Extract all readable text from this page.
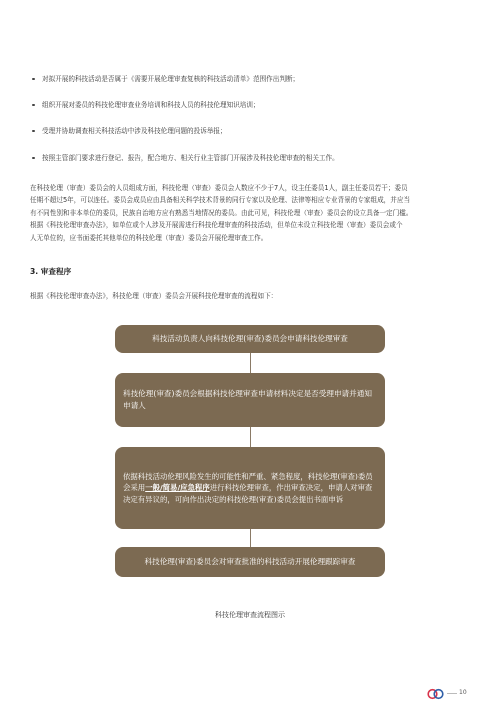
对拟开展的科技活动是否属于《需要开展伦理审查复核的科技活动清单》范围作出判断；
组织开展对委员的科技伦理审查业务培训和科技人员的科技伦理知识培训；
受理并协助调查相关科技活动中涉及科技伦理问题的投诉举报；
按照主管部门要求进行登记、报告，配合地方、相关行业主管部门开展涉及科技伦理审查的相关工作。
在科技伦理（审查）委员会的人员组成方面，科技伦理（审查）委员会人数应不少于7人，设主任委员1人，副主任委员若干；委员
任期不超过5年，可以连任。委员会成员应由具备相关科学技术背景的同行专家以及伦理、法律等相应专业背景的专家组成，并应当
有不同性别和非本单位的委员，民族自治地方应有熟悉当地情况的委员。由此可见，科技伦理（审查）委员会的设立具备一定门槛。
根据《科技伦理审查办法》，如单位或个人涉及开展需进行科技伦理审查的科技活动，但单位未设立科技伦理（审查）委员会或个
人无单位的，应书面委托其他单位的科技伦理（审查）委员会开展伦理审查工作。
3. 审查程序
根据《科技伦理审查办法》，科技伦理（审查）委员会开展科技伦理审查的流程如下：
科技活动负责人向科技伦理(审查)委员会申请科技伦理审查
科技伦理(审查)委员会根据科技伦理审查申请材料决定是否受理申请并通知申请人
依据科技活动伦理风险发生的可能性和严重、紧急程度，科技伦理(审查)委员会采用一般/简易/应急程序进行科技伦理审查，作出审查决定，申请人对审查决定有异议的，可向作出决定的科技伦理(审查)委员会提出书面申诉
科技伦理(审查)委员会对审查批准的科技活动开展伦理跟踪审查
科技伦理审查流程图示
10
